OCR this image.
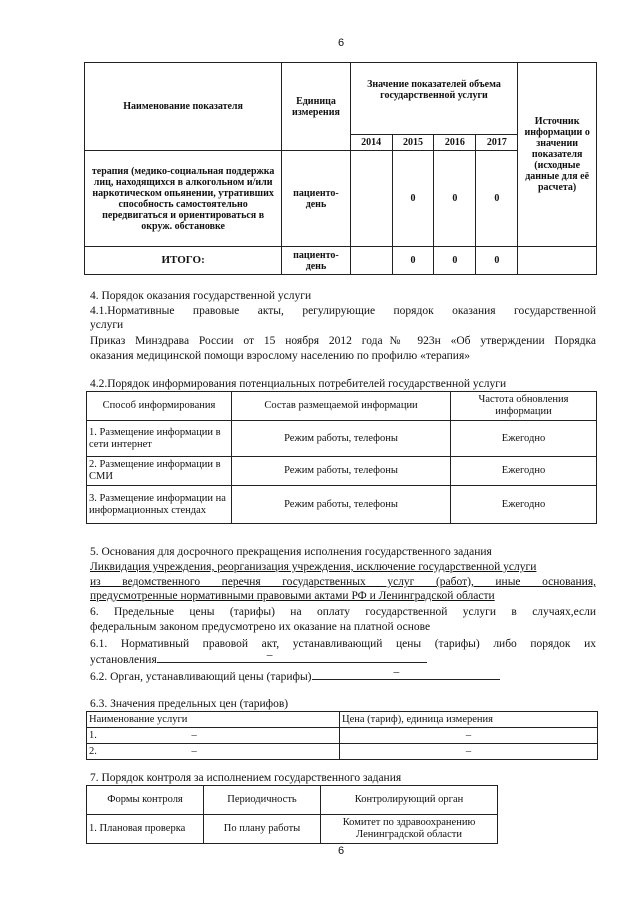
6
Наименование показателя	Единица измерения	Значение показателей объема государственной услуги				Источник информации о значении показателя (исходные данные для её расчета)
		2014	2015	2016	2017	
терапия (медико-социальная поддержка лиц, находящихся в алкогольном и/или наркотическом опьянении, утративших способность самостоятельно передвигаться и ориентироваться в окруж. обстановке	пациенто-день		0	0	0	
ИТОГО:	пациенто-день		0	0	0	
4. Порядок оказания государственной услуги
4.1.Нормативные правовые акты, регулирующие порядок оказания государственной
услуги
Приказ Минздрава России от 15 ноября 2012 года№ 923н «Об утверждении Порядка
оказания медицинской помощи взрослому населению по профилю «терапия»
4.2.Порядок информирования потенциальных потребителей государственной услуги
Способ информирования	Состав размещаемой информации	Частота обновления информации
1. Размещение информации в сети интернет	Режим работы, телефоны	Ежегодно
2. Размещение информации в СМИ	Режим работы, телефоны	Ежегодно
3. Размещение информации на информационных стендах	Режим работы, телефоны	Ежегодно
5. Основания для досрочного прекращения исполнения государственного задания
Ликвидация учреждения, реорганизация учреждения, исключение государственной услуги
из ведомственного перечня государственных услуг (работ), иные основания,
предусмотренные нормативными правовыми актами РФ и Ленинградской области
6. Предельные цены (тарифы) на оплату государственной услуги в случаях,если
федеральным законом предусмотрено их оказание на платной основе
6.1. Нормативный правовой акт, устанавливающий цены (тарифы) либо порядок их
установления	–
6.2. Орган, устанавливающий цены (тарифы)	–
6.3. Значения предельных цен (тарифов)
Наименование услуги	Цена (тариф), единица измерения
1. –	–
2. –	–
7. Порядок контроля за исполнением государственного задания
Формы контроля	Периодичность	Контролирующий орган
1. Плановая проверка	По плану работы	Комитет по здравоохранению Ленинградской области
6
